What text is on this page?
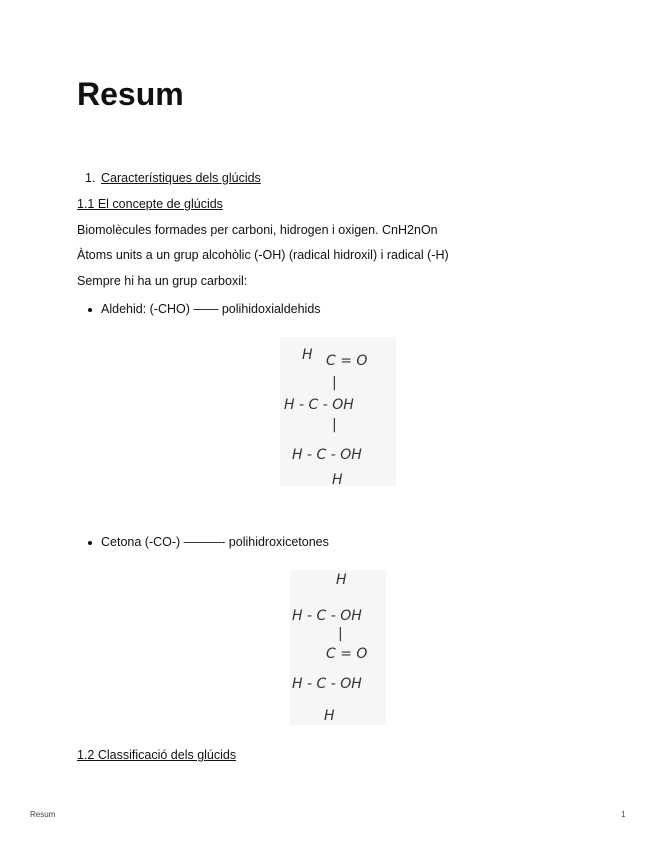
Resum
1. Característiques dels glúcids
1.1 El concepte de glúcids
Biomolècules formades per carboni, hidrogen i oxigen. CnH2nOn
Àtoms units a un grup alcohòlic (-OH) (radical hidroxil) i radical (-H)
Sempre hi ha un grup carboxil:
Aldehid: (-CHO) —— polihidoxialdehids
H C = O
|
H - C - OH
|
H - C - OH
H
Cetona (-CO-) ———- polihidroxicetones
H
H - C - OH
|
C = O
H - C - OH
H
1.2 Classificació dels glúcids
Resum	1
